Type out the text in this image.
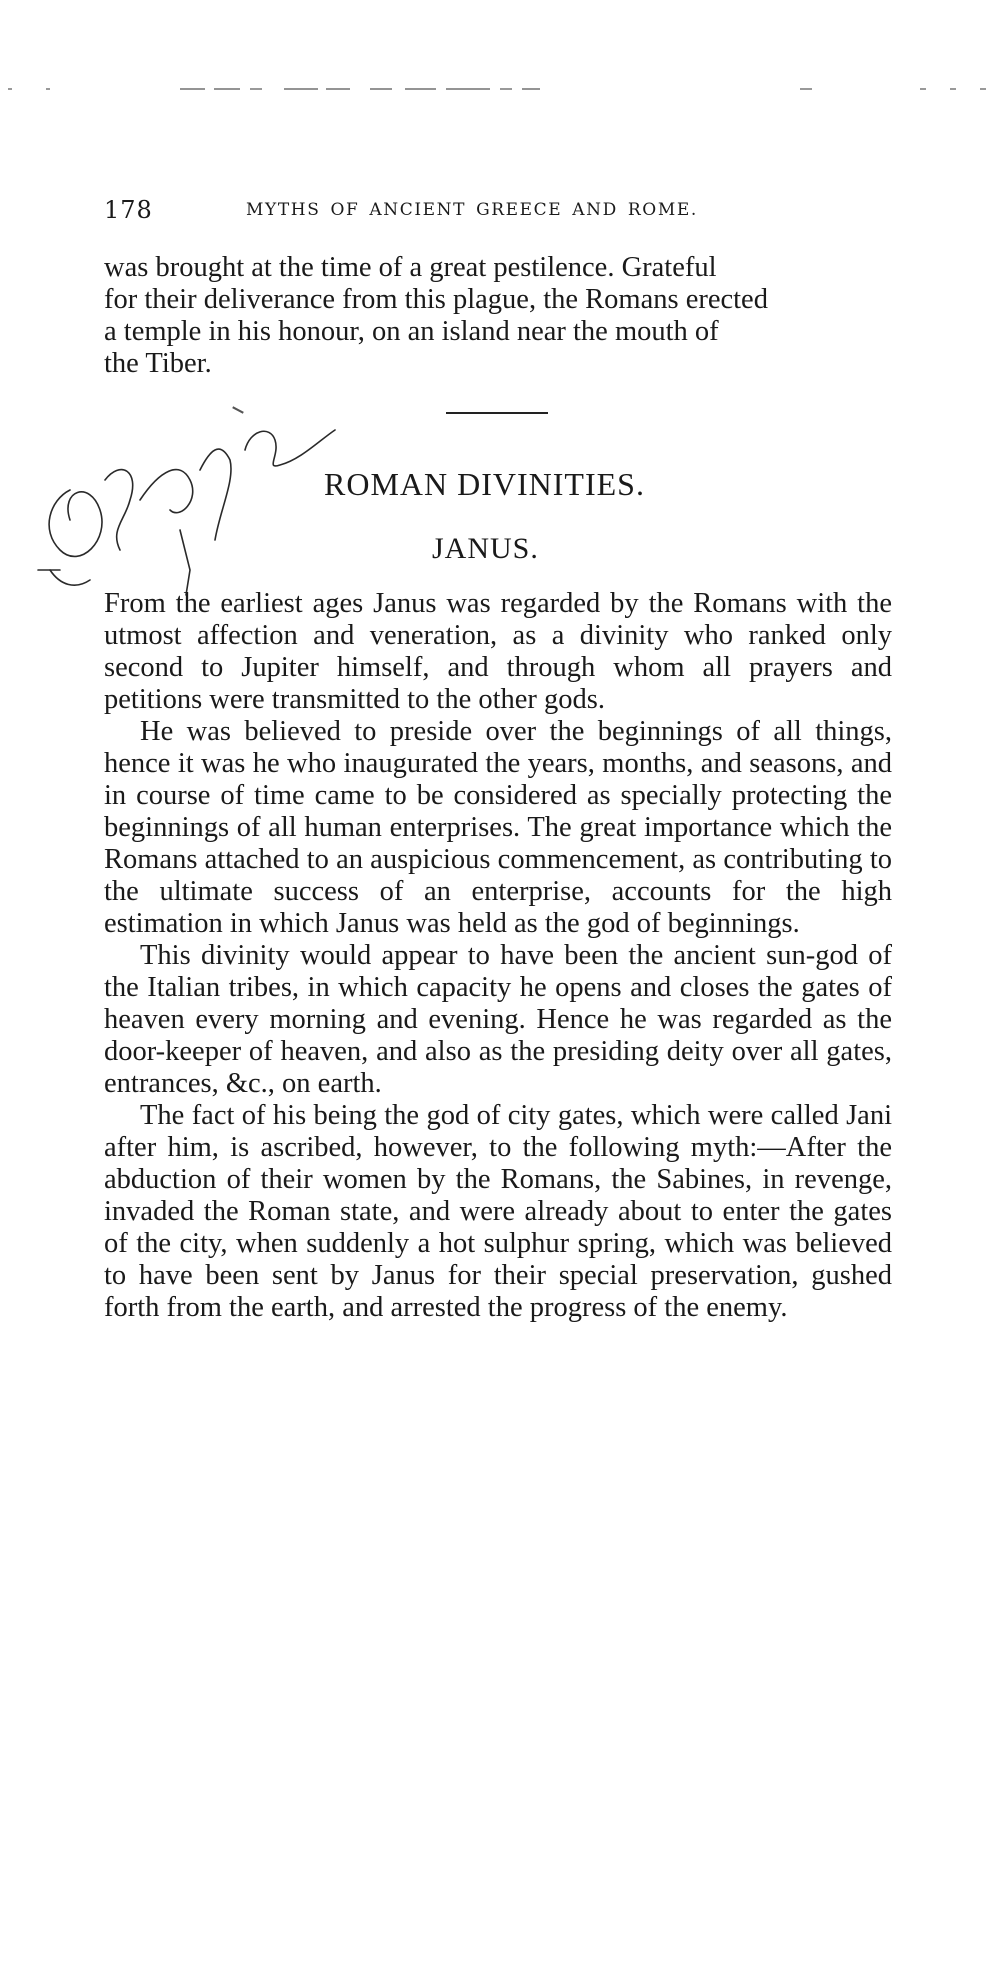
178	MYTHS OF ANCIENT GREECE AND ROME.

was brought at the time of a great pestilence. Grateful

for their deliverance from this plague, the Romans erected

a temple in his honour, on an island near the mouth of

the Tiber.

ROMAN DIVINITIES.
JANUS.

From the earliest ages Janus was regarded by the Romans with the utmost affection and veneration, as a divinity who ranked only second to Jupiter himself, and through whom all prayers and petitions were transmitted to the other gods.

He was believed to preside over the beginnings of all things, hence it was he who inaugurated the years, months, and seasons, and in course of time came to be considered as specially protecting the beginnings of all human enterprises. The great importance which the Romans attached to an auspicious commencement, as contributing to the ultimate success of an enterprise, accounts for the high estimation in which Janus was held as the god of beginnings.

This divinity would appear to have been the ancient sun-god of the Italian tribes, in which capacity he opens and closes the gates of heaven every morning and evening. Hence he was regarded as the door-keeper of heaven, and also as the presiding deity over all gates, entrances, &c., on earth.

The fact of his being the god of city gates, which were called Jani after him, is ascribed, however, to the following myth:—After the abduction of their women by the Romans, the Sabines, in revenge, invaded the Roman state, and were already about to enter the gates of the city, when suddenly a hot sulphur spring, which was believed to have been sent by Janus for their special preservation, gushed forth from the earth, and arrested the progress of the enemy.
